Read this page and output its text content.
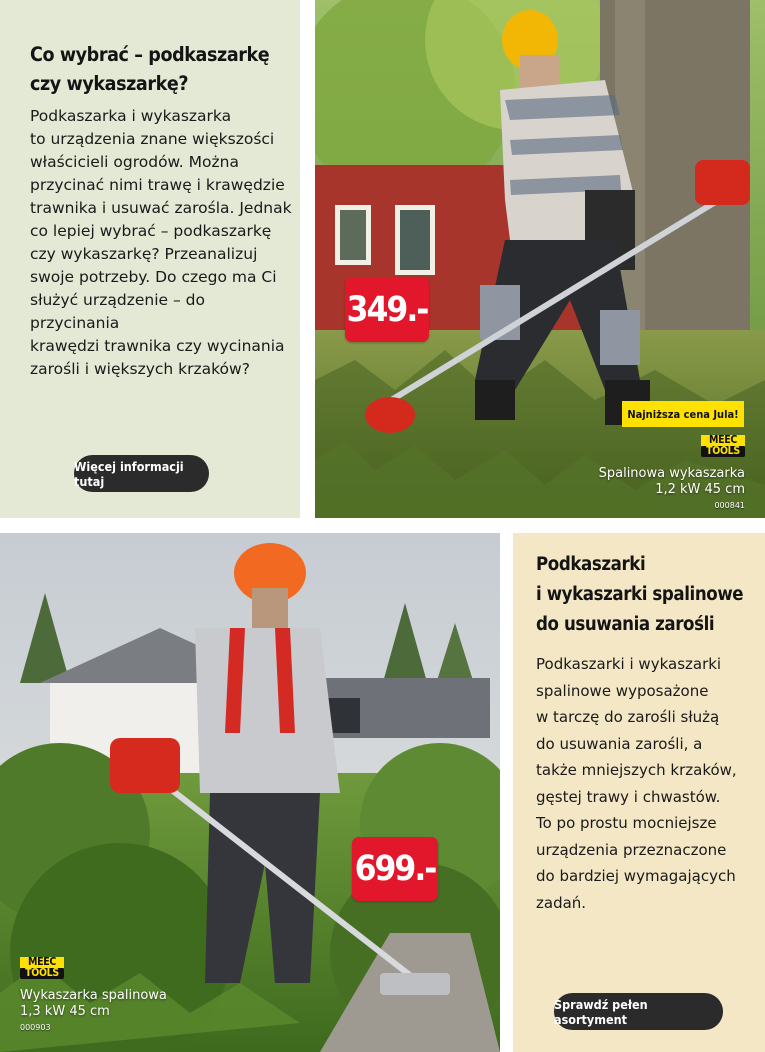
Co wybrać – podkaszarkę czy wykaszarkę?

Podkaszarka i wykaszarka
to urządzenia znane większości
właścicieli ogrodów. Można
przycinać nimi trawę i krawędzie
trawnika i usuwać zarośla. Jednak
co lepiej wybrać – podkaszarkę
czy wykaszarkę? Przeanalizuj
swoje potrzeby. Do czego ma Ci
służyć urządzenie – do przycinania
krawędzi trawnika czy wycinania
zarośli i większych krzaków?

Więcej informacji tutaj
349.-
Najniższa cena Jula!
MEEC
TOOLS
Spalinowa wykaszarka
1,2 kW 45 cm
000841
699.-
MEEC
TOOLS
Wykaszarka spalinowa
1,3 kW 45 cm
000903
Podkaszarki
i wykaszarki spalinowe
do usuwania zarośli

Podkaszarki i wykaszarki
spalinowe wyposażone
w tarczę do zarośli służą
do usuwania zarośli, a
także mniejszych krzaków,
gęstej trawy i chwastów.
To po prostu mocniejsze
urządzenia przeznaczone
do bardziej wymagających
zadań.

Sprawdź pełen asortyment
